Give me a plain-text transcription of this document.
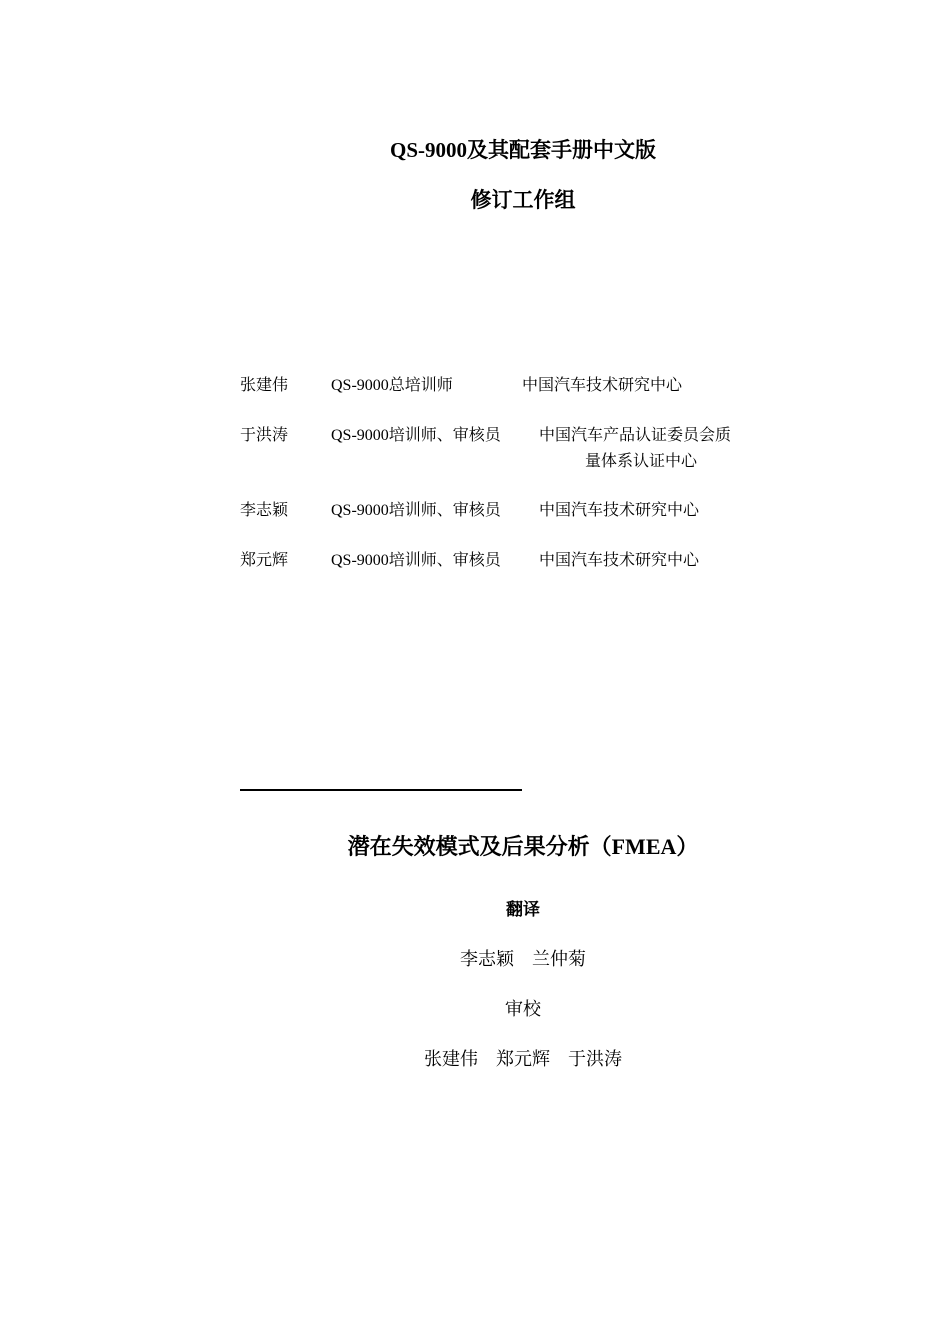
QS-9000及其配套手册中文版
修订工作组
张建伟	QS-9000总培训师	中国汽车技术研究中心
于洪涛	QS-9000培训师、审核员 中国汽车产品认证委员会质
量体系认证中心
李志颖	QS-9000培训师、审核员 中国汽车技术研究中心
郑元辉	QS-9000培训师、审核员 中国汽车技术研究中心
潜在失效模式及后果分析（FMEA）
翻译
李志颖　兰仲菊
审校
张建伟　郑元辉　于洪涛
